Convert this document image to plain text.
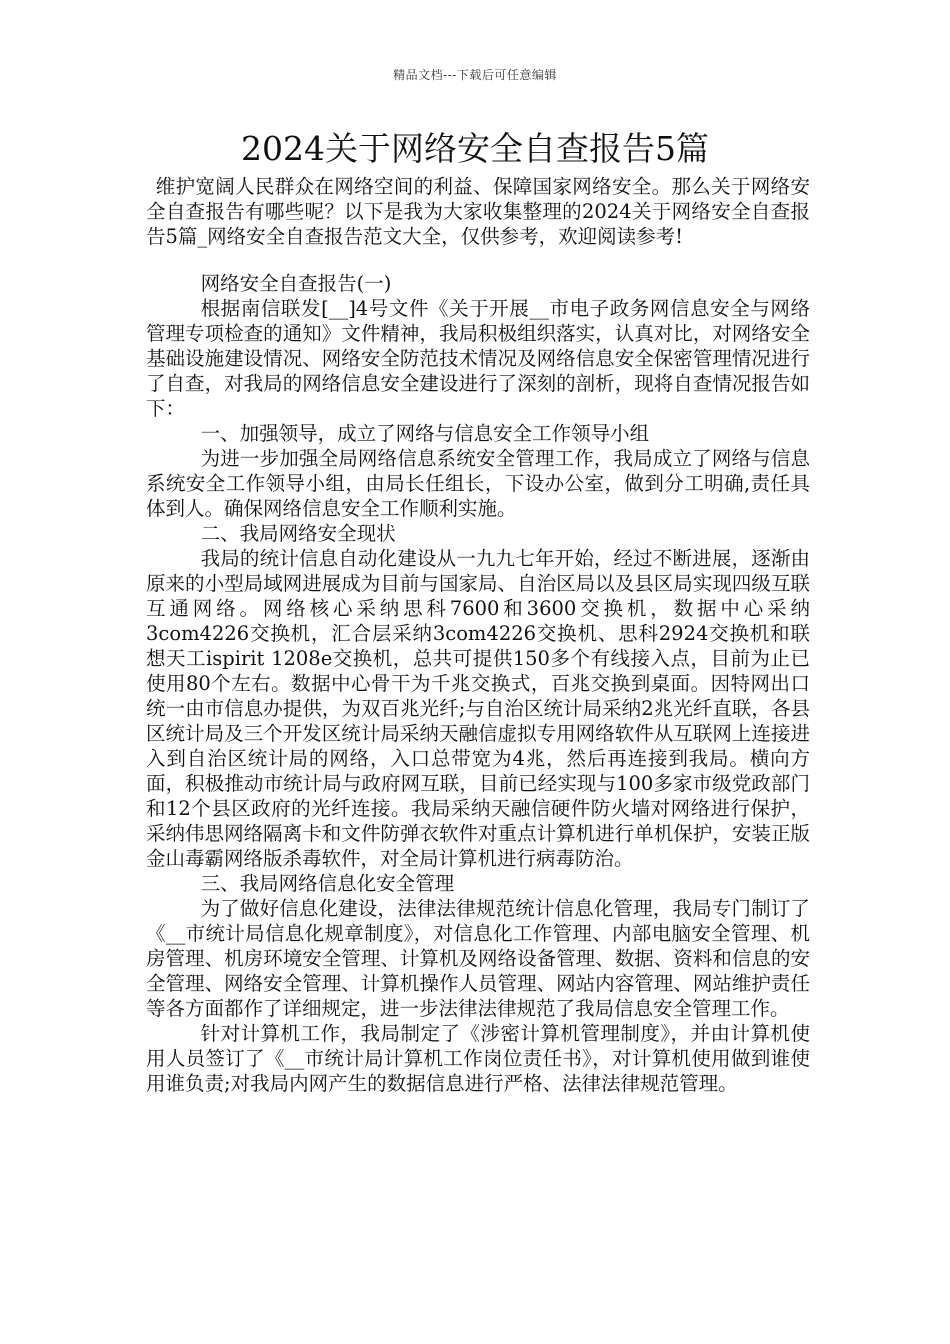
精品文档---下载后可任意编辑
2024关于网络安全自查报告5篇

维护宽阔人民群众在网络空间的利益、保障国家网络安全。那么关于网络安全自查报告有哪些呢？以下是我为大家收集整理的2024关于网络安全自查报告5篇_网络安全自查报告范文大全，仅供参考，欢迎阅读参考!

网络安全自查报告(一)

根据南信联发[__]4号文件《关于开展__市电子政务网信息安全与网络管理专项检查的通知》文件精神，我局积极组织落实，认真对比，对网络安全基础设施建设情况、网络安全防范技术情况及网络信息安全保密管理情况进行了自查，对我局的网络信息安全建设进行了深刻的剖析，现将自查情况报告如下：

一、加强领导，成立了网络与信息安全工作领导小组

为进一步加强全局网络信息系统安全管理工作，我局成立了网络与信息系统安全工作领导小组，由局长任组长，下设办公室，做到分工明确,责任具体到人。确保网络信息安全工作顺利实施。

二、我局网络安全现状

我局的统计信息自动化建设从一九九七年开始，经过不断进展，逐渐由原来的小型局域网进展成为目前与国家局、自治区局以及县区局实现四级互联互通网络。网络核心采纳思科7600和3600交换机，数据中心采纳3com4226交换机，汇合层采纳3com4226交换机、思科2924交换机和联想天工ispirit 1208e交换机，总共可提供150多个有线接入点，目前为止已使用80个左右。数据中心骨干为千兆交换式，百兆交换到桌面。因特网出口统一由市信息办提供，为双百兆光纤;与自治区统计局采纳2兆光纤直联，各县区统计局及三个开发区统计局采纳天融信虚拟专用网络软件从互联网上连接进入到自治区统计局的网络，入口总带宽为4兆，然后再连接到我局。横向方面，积极推动市统计局与政府网互联，目前已经实现与100多家市级党政部门和12个县区政府的光纤连接。我局采纳天融信硬件防火墙对网络进行保护，采纳伟思网络隔离卡和文件防弹衣软件对重点计算机进行单机保护，安装正版金山毒霸网络版杀毒软件，对全局计算机进行病毒防治。

三、我局网络信息化安全管理

为了做好信息化建设，法律法律规范统计信息化管理，我局专门制订了《__市统计局信息化规章制度》，对信息化工作管理、内部电脑安全管理、机房管理、机房环境安全管理、计算机及网络设备管理、数据、资料和信息的安全管理、网络安全管理、计算机操作人员管理、网站内容管理、网站维护责任等各方面都作了详细规定，进一步法律法律规范了我局信息安全管理工作。

针对计算机工作，我局制定了《涉密计算机管理制度》，并由计算机使用人员签订了《__市统计局计算机工作岗位责任书》，对计算机使用做到谁使用谁负责;对我局内网产生的数据信息进行严格、法律法律规范管理。
